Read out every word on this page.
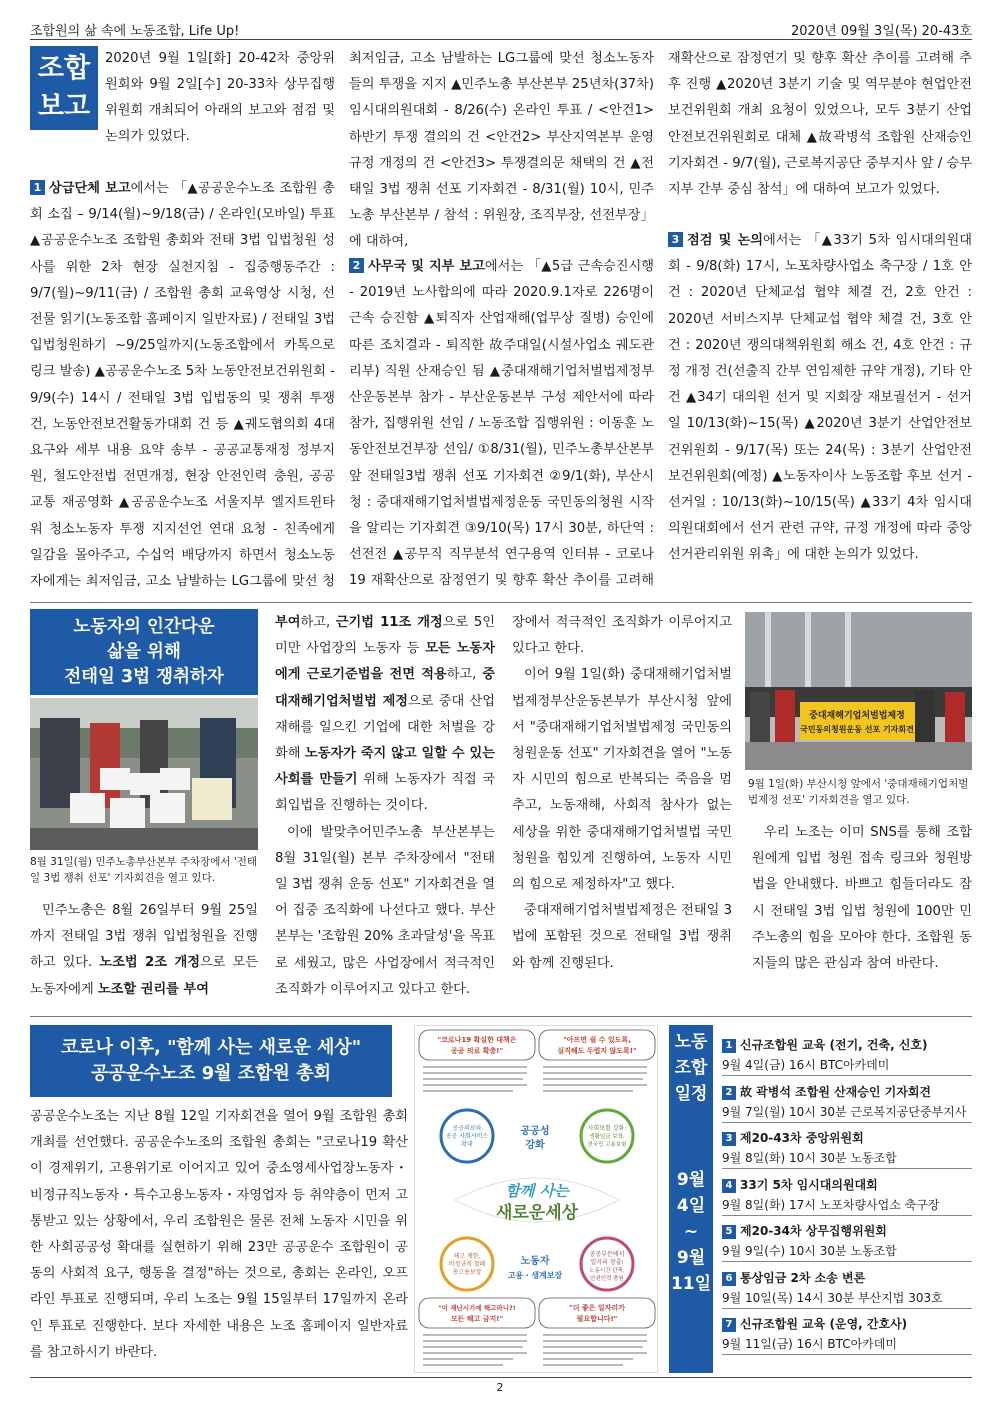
조합원의 삶 속에 노동조합, Life Up!	2020년 09월 3일(목) 20-43호
조합
보고

2020년 9월 1일[화] 20-42차 중앙위원회와 9월 2일[수] 20-33차 상무집행위원회 개최되어 아래의 보고와 점검 및 논의가 있었다.

1 상급단체 보고에서는 「▲공공운수노조 조합원 총회 소집 – 9/14(월)~9/18(금) / 온라인(모바일) 투표 ▲공공운수노조 조합원 총회와 전태 3법 입법청원 성사를 위한 2차 현장 실천지침 - 집중행동주간 : 9/7(월)~9/11(금) / 조합원 총회 교육영상 시청, 선전물 읽기(노동조합 홈페이지 일반자료) / 전태일 3법 입법청원하기 ~9/25일까지(노동조합에서 카톡으로 링크 발송) ▲공공운수노조 5차 노동안전보건위원회 - 9/9(수) 14시 / 전태일 3법 입법동의 및 쟁취 투쟁 건, 노동안전보건활동가대회 건 등 ▲궤도협의회 4대 요구와 세부 내용 요약 송부 - 공공교통재정 정부지원, 철도안전법 전면개정, 현장 안전인력 충원, 공공교통 재공영화 ▲공공운수노조 서울지부 엘지트윈타워 청소노동자 투쟁 지지선언 연대 요청 - 친족에게 일감을 몰아주고, 수십억 배당까지 하면서 청소노동자에게는 최저임금, 고소 남발하는 LG그룹에 맞선 청

최저임금, 고소 남발하는 LG그룹에 맞선 청소노동자들의 투쟁을 지지 ▲민주노총 부산본부 25년차(37차) 임시대의원대회 - 8/26(수) 온라인 투표 / <안건1> 하반기 투쟁 결의의 건 <안건2> 부산지역본부 운영규정 개정의 건 <안건3> 투쟁결의문 채택의 건 ▲전태일 3법 쟁취 선포 기자회견 - 8/31(월) 10시, 민주노총 부산본부 / 참석 : 위원장, 조직부장, 선전부장」에 대하여,

2 사무국 및 지부 보고에서는 「▲5급 근속승진시행 - 2019년 노사합의에 따라 2020.9.1자로 226명이 근속 승진함 ▲퇴직자 산업재해(업무상 질병) 승인에 따른 조치결과 - 퇴직한 故주대일(시설사업소 궤도관리부) 직원 산재승인 됨 ▲중대재해기업처벌법제정부산운동본부 참가 - 부산운동본부 구성 제안서에 따라 참가, 집행위원 선임 / 노동조합 집행위원 : 이동훈 노동안전보건부장 선임/ ①8/31(월), 민주노총부산본부 앞 전태일3법 쟁취 선포 기자회견 ②9/1(화), 부산시청 : 중대재해기업처벌법제정운동 국민동의청원 시작을 알리는 기자회견 ③9/10(목) 17시 30분, 하단역 : 선전전 ▲공무직 직무분석 연구용역 인터뷰 - 코로나19 재확산으로 잠정연기 및 향후 확산 추이를 고려해

재확산으로 잠정연기 및 향후 확산 추이를 고려해 추후 진행 ▲2020년 3분기 기술 및 역무분야 현업안전보건위원회 개최 요청이 있었으나, 모두 3분기 산업안전보건위원회로 대체 ▲故곽병석 조합원 산재승인 기자회견 - 9/7(월), 근로복지공단 중부지사 앞 / 승무지부 간부 중심 참석」에 대하여 보고가 있었다.

3 점검 및 논의에서는 「▲33기 5차 임시대의원대회 - 9/8(화) 17시, 노포차량사업소 축구장 / 1호 안건 : 2020년 단체교섭 협약 체결 건, 2호 안건 : 2020년 서비스지부 단체교섭 협약 체결 건, 3호 안건 : 2020년 쟁의대책위원회 해소 건, 4호 안건 : 규정 개정 건(선출직 간부 연임제한 규약 개정), 기타 안건 ▲34기 대의원 선거 및 지회장 재보궐선거 - 선거일 10/13(화)~15(목) ▲2020년 3분기 산업안전보건위원회 - 9/17(목) 또는 24(목) : 3분기 산업안전보건위원회(예정) ▲노동자이사 노동조합 후보 선거 - 선거일 : 10/13(화)~10/15(목) ▲33기 4차 임시대의원대회에서 선거 관련 규약, 규정 개정에 따라 중앙선거관리위원 위촉」에 대한 논의가 있었다.

노동자의 인간다운
삶을 위해
전태일 3법 쟁취하자
8월 31일(월) 민주노총부산본부 주차장에서 '전태일 3법 쟁취 선포' 기자회견을 열고 있다.

민주노총은 8월 26일부터 9월 25일까지 전태일 3법 쟁취 입법청원을 진행하고 있다. 노조법 2조 개정으로 모든 노동자에게 노조할 권리를 부여

부여하고, 근기법 11조 개정으로 5인 미만 사업장의 노동자 등 모든 노동자에게 근로기준법을 전면 적용하고, 중대재해기업처벌법 제정으로 중대 산업재해를 일으킨 기업에 대한 처벌을 강화해 노동자가 죽지 않고 일할 수 있는 사회를 만들기 위해 노동자가 직접 국회입법을 진행하는 것이다.

이에 발맞추어민주노총 부산본부는 8월 31일(월) 본부 주차장에서 "전태일 3법 쟁취 운동 선포" 기자회견을 열어 집중 조직화에 나선다고 했다. 부산본부는 '조합원 20% 초과달성'을 목표로 세웠고, 많은 사업장에서 적극적인 조직화가 이루어지고 있다고 한다.

장에서 적극적인 조직화가 이루어지고 있다고 한다.

이어 9월 1일(화) 중대재해기업처벌법제정부산운동본부가 부산시청 앞에서 "중대재해기업처벌법제정 국민동의청원운동 선포" 기자회견을 열어 "노동자 시민의 힘으로 반복되는 죽음을 멈추고, 노동재해, 사회적 참사가 없는 세상을 위한 중대재해기업처벌법 국민청원을 힘있게 진행하여, 노동자 시민의 힘으로 제정하자"고 했다.

중대재해기업처벌법제정은 전태일 3법에 포함된 것으로 전태일 3법 쟁취와 함께 진행된다.

중대재해기업처벌법제정
국민동의청원운동 선포 기자회견
9월 1일(화) 부산시청 앞에서 '중대재해기업처벌법제정 선포' 기자회견을 열고 있다.

우리 노조는 이미 SNS를 통해 조합원에게 입법 청원 접속 링크와 청원방법을 안내했다. 바쁘고 힘들더라도 잠시 전태일 3법 입법 청원에 100만 민주노총의 힘을 모아야 한다. 조합원 동지들의 많은 관심과 참여 바란다.

코로나 이후, "함께 사는 새로운 세상"
공공운수노조 9월 조합원 총회

공공운수노조는 지난 8월 12일 기자회견을 열어 9월 조합원 총회 개최를 선언했다. 공공운수노조의 조합원 총회는 "코로나19 확산이 경제위기, 고용위기로 이어지고 있어 중소영세사업장노동자・비정규직노동자・특수고용노동자・자영업자 등 취약층이 먼저 고통받고 있는 상황에서, 우리 조합원은 물론 전체 노동자 시민을 위한 사회공공성 확대를 실현하기 위해 23만 공공운수 조합원이 공동의 사회적 요구, 행동을 결정"하는 것으로, 총회는 온라인, 오프라인 투표로 진행되며, 우리 노조는 9월 15일부터 17일까지 온라인 투표로 진행한다. 보다 자세한 내용은 노조 홈페이지 일반자료를 참고하시기 바란다.

"코로나19 확실한 대책은
공공 의료 확충!"
"아프면 쉴 수 있도록,
실직해도 두렵지 않도록!"
공공의료와
공공 사회서비스
확대
공공성
강화
사회보험 강화:
생활임금 보장,
전국민 고용보험
함께 사는
새로운세상
해고 제한,
비정규직 철폐
총고용보장
노동자
고용・생계보장
공공부문에서
일자리 창출:
노동시간 단축,
안전인력 충원
"이 재난시기에 해고라니?!
모든 해고 금지!"
"더 좋은 일자리가
필요합니다!"
노동
조합
일정
9월
4일
~
9월
11일
1 신규조합원 교육 (전기, 건축, 신호)
9월 4일(금) 16시 BTC아카데미
2 故 곽병석 조합원 산재승인 기자회견
9월 7일(월) 10시 30분 근로복지공단중부지사
3 제20-43차 중앙위원회
9월 8일(화) 10시 30분 노동조합
4 33기 5차 임시대의원대회
9월 8일(화) 17시 노포차량사업소 축구장
5 제20-34차 상무집행위원회
9월 9일(수) 10시 30분 노동조합
6 통상임금 2차 소송 변론
9월 10일(목) 14시 30분 부산지법 303호
7 신규조합원 교육 (운영, 간호사)
9월 11일(금) 16시 BTC아카데미
2
